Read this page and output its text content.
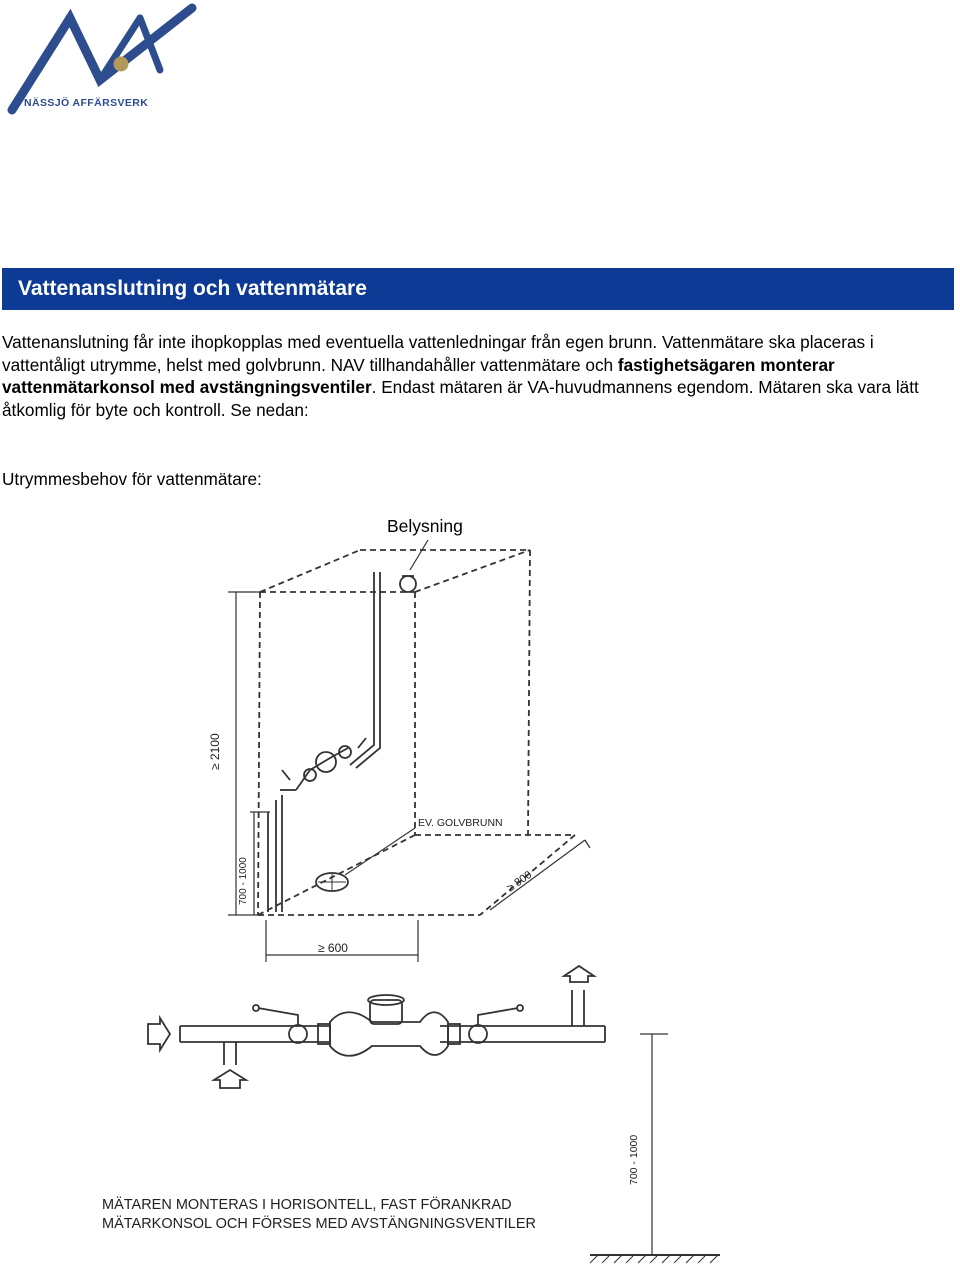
NÄSSJÖ AFFÄRSVERK
Vattenanslutning och vattenmätare

Vattenanslutning får inte ihopkopplas med eventuella vattenledningar från egen brunn. Vattenmätare ska placeras i vattentåligt utrymme, helst med golvbrunn. NAV tillhandahåller vattenmätare och fastighetsägaren monterar vattenmätarkonsol med avstängningsventiler. Endast mätaren är VA-huvudmannens egendom. Mätaren ska vara lätt åtkomlig för byte och kontroll. Se nedan:

Utrymmesbehov för vattenmätare:
Belysning
≥ 2100
700 - 1000	≥ 800
≥ 600
EV. GOLVBRUNN
700 - 1000
MÄTAREN MONTERAS I HORISONTELL, FAST FÖRANKRAD
MÄTARKONSOL OCH FÖRSES MED AVSTÄNGNINGSVENTILER
